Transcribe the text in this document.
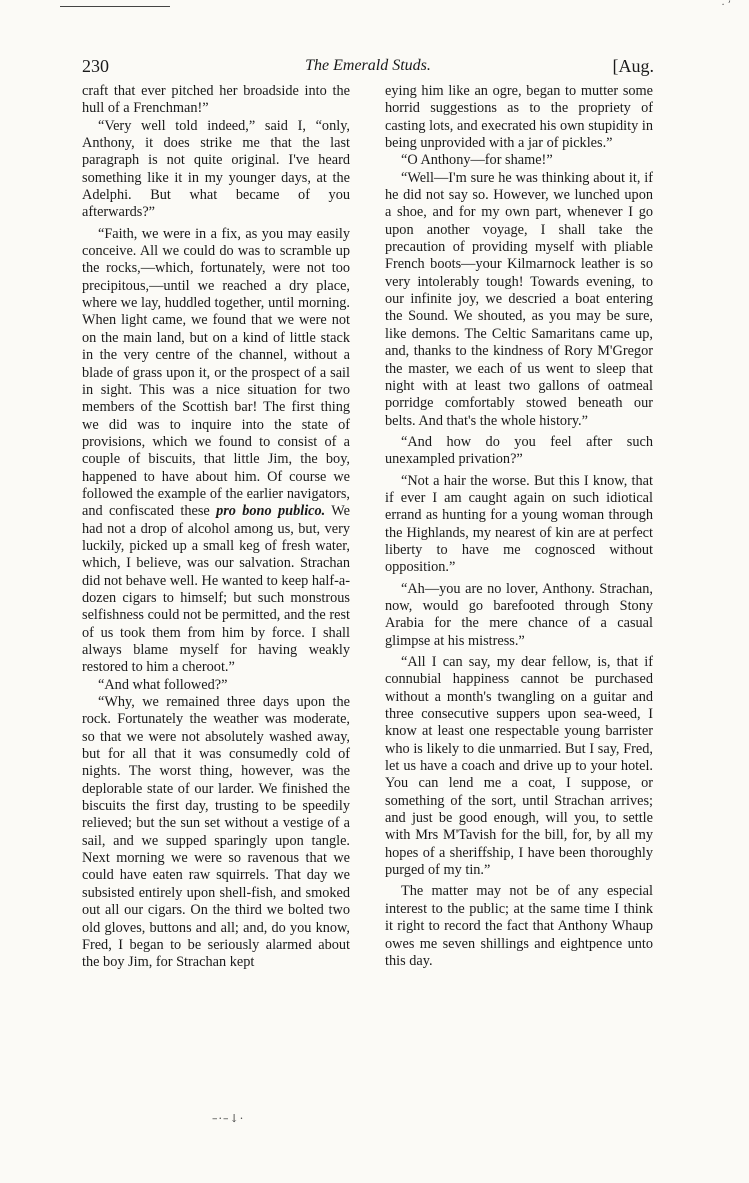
· ’
230	The Emerald Studs.	[Aug.

craft that ever pitched her broadside into the hull of a Frenchman!”

“Very well told indeed,” said I, “only, Anthony, it does strike me that the last paragraph is not quite original. I've heard something like it in my younger days, at the Adelphi. But what became of you afterwards?”

“Faith, we were in a fix, as you may easily conceive. All we could do was to scramble up the rocks,—which, fortunately, were not too precipitous,—until we reached a dry place, where we lay, huddled together, until morning. When light came, we found that we were not on the main land, but on a kind of little stack in the very centre of the channel, without a blade of grass upon it, or the prospect of a sail in sight. This was a nice situation for two members of the Scottish bar! The first thing we did was to inquire into the state of provisions, which we found to consist of a couple of biscuits, that little Jim, the boy, happened to have about him. Of course we followed the example of the earlier navigators, and confiscated these pro bono publico. We had not a drop of alcohol among us, but, very luckily, picked up a small keg of fresh water, which, I believe, was our salvation. Strachan did not behave well. He wanted to keep half-a-dozen cigars to himself; but such monstrous selfishness could not be permitted, and the rest of us took them from him by force. I shall always blame myself for having weakly restored to him a cheroot.”

“And what followed?”

“Why, we remained three days upon the rock. Fortunately the weather was moderate, so that we were not absolutely washed away, but for all that it was consumedly cold of nights. The worst thing, however, was the deplorable state of our larder. We finished the biscuits the first day, trusting to be speedily relieved; but the sun set without a vestige of a sail, and we supped sparingly upon tangle. Next morning we were so ravenous that we could have eaten raw squirrels. That day we subsisted entirely upon shell-fish, and smoked out all our cigars. On the third we bolted two old gloves, buttons and all; and, do you know, Fred, I began to be seriously alarmed about the boy Jim, for Strachan kept

eying him like an ogre, began to mutter some horrid suggestions as to the propriety of casting lots, and execrated his own stupidity in being unprovided with a jar of pickles.”

“O Anthony—for shame!”

“Well—I'm sure he was thinking about it, if he did not say so. However, we lunched upon a shoe, and for my own part, whenever I go upon another voyage, I shall take the precaution of providing myself with pliable French boots—your Kilmarnock leather is so very intolerably tough! Towards evening, to our infinite joy, we descried a boat entering the Sound. We shouted, as you may be sure, like demons. The Celtic Samaritans came up, and, thanks to the kindness of Rory M'Gregor the master, we each of us went to sleep that night with at least two gallons of oatmeal porridge comfortably stowed beneath our belts. And that's the whole history.”

“And how do you feel after such unexampled privation?”

“Not a hair the worse. But this I know, that if ever I am caught again on such idiotical errand as hunting for a young woman through the Highlands, my nearest of kin are at perfect liberty to have me cognosced without opposition.”

“Ah—you are no lover, Anthony. Strachan, now, would go barefooted through Stony Arabia for the mere chance of a casual glimpse at his mistress.”

“All I can say, my dear fellow, is, that if connubial happiness cannot be purchased without a month's twangling on a guitar and three consecutive suppers upon sea-weed, I know at least one respectable young barrister who is likely to die unmarried. But I say, Fred, let us have a coach and drive up to your hotel. You can lend me a coat, I suppose, or something of the sort, until Strachan arrives; and just be good enough, will you, to settle with Mrs M'Tavish for the bill, for, by all my hopes of a sheriffship, I have been thoroughly purged of my tin.”

The matter may not be of any especial interest to the public; at the same time I think it right to record the fact that Anthony Whaup owes me seven shillings and eightpence unto this day.

–·–↓·
